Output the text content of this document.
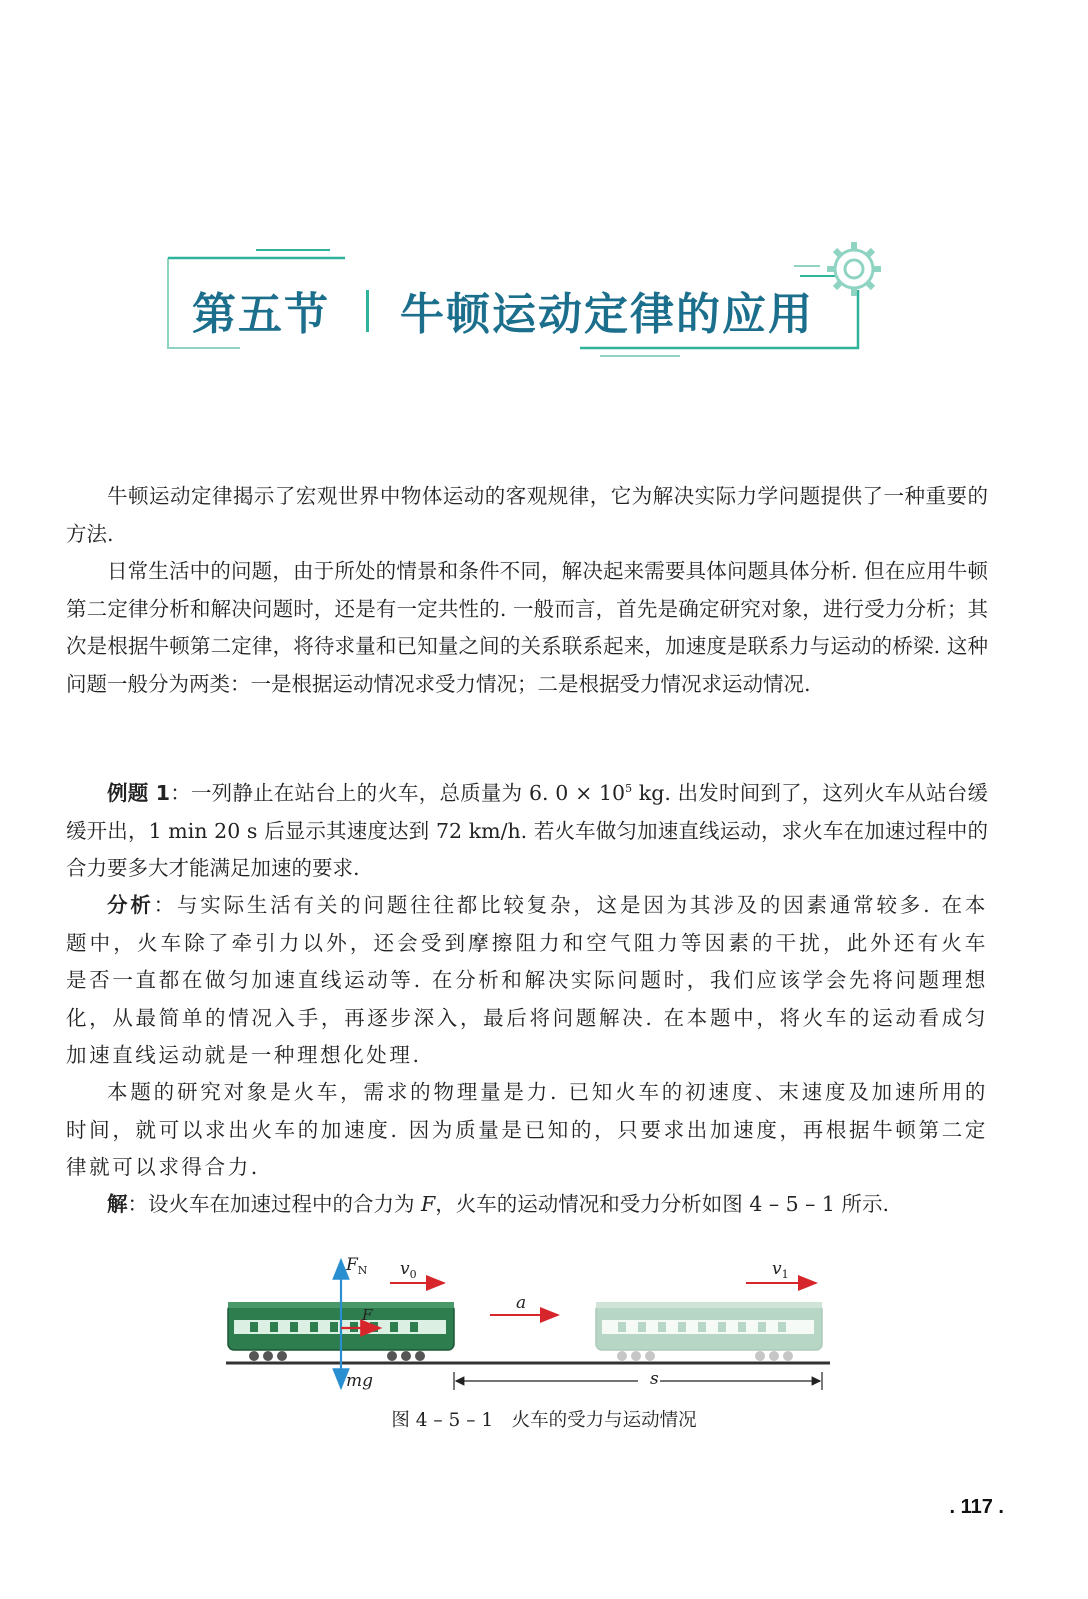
第五节 牛顿运动定律的应用

牛顿运动定律揭示了宏观世界中物体运动的客观规律，它为解决实际力学问题提供了一种重要的方法.

日常生活中的问题，由于所处的情景和条件不同，解决起来需要具体问题具体分析. 但在应用牛顿第二定律分析和解决问题时，还是有一定共性的. 一般而言，首先是确定研究对象，进行受力分析；其次是根据牛顿第二定律，将待求量和已知量之间的关系联系起来，加速度是联系力与运动的桥梁. 这种问题一般分为两类：一是根据运动情况求受力情况；二是根据受力情况求运动情况.

例题 1：一列静止在站台上的火车，总质量为 6. $0 \times 10^5$ kg. 出发时间到了，这列火车从站台缓缓开出，1 min 20 s 后显示其速度达到 72 km/h. 若火车做匀加速直线运动，求火车在加速过程中的合力要多大才能满足加速的要求.

分析：与实际生活有关的问题往往都比较复杂，这是因为其涉及的因素通常较多. 在本题中，火车除了牵引力以外，还会受到摩擦阻力和空气阻力等因素的干扰，此外还有火车是否一直都在做匀加速直线运动等. 在分析和解决实际问题时，我们应该学会先将问题理想化，从最简单的情况入手，再逐步深入，最后将问题解决. 在本题中，将火车的运动看成匀加速直线运动就是一种理想化处理.

本题的研究对象是火车，需求的物理量是力. 已知火车的初速度、末速度及加速所用的时间，就可以求出火车的加速度. 因为质量是已知的，只要求出加速度，再根据牛顿第二定律就可以求得合力.

解：设火车在加速过程中的合力为 F，火车的运动情况和受力分析如图 4 – 5 – 1 所示.

$F_N$ $v_0$
F
a
$v_1$
mg	s
图 4 – 5 – 1　火车的受力与运动情况
. 117 .
